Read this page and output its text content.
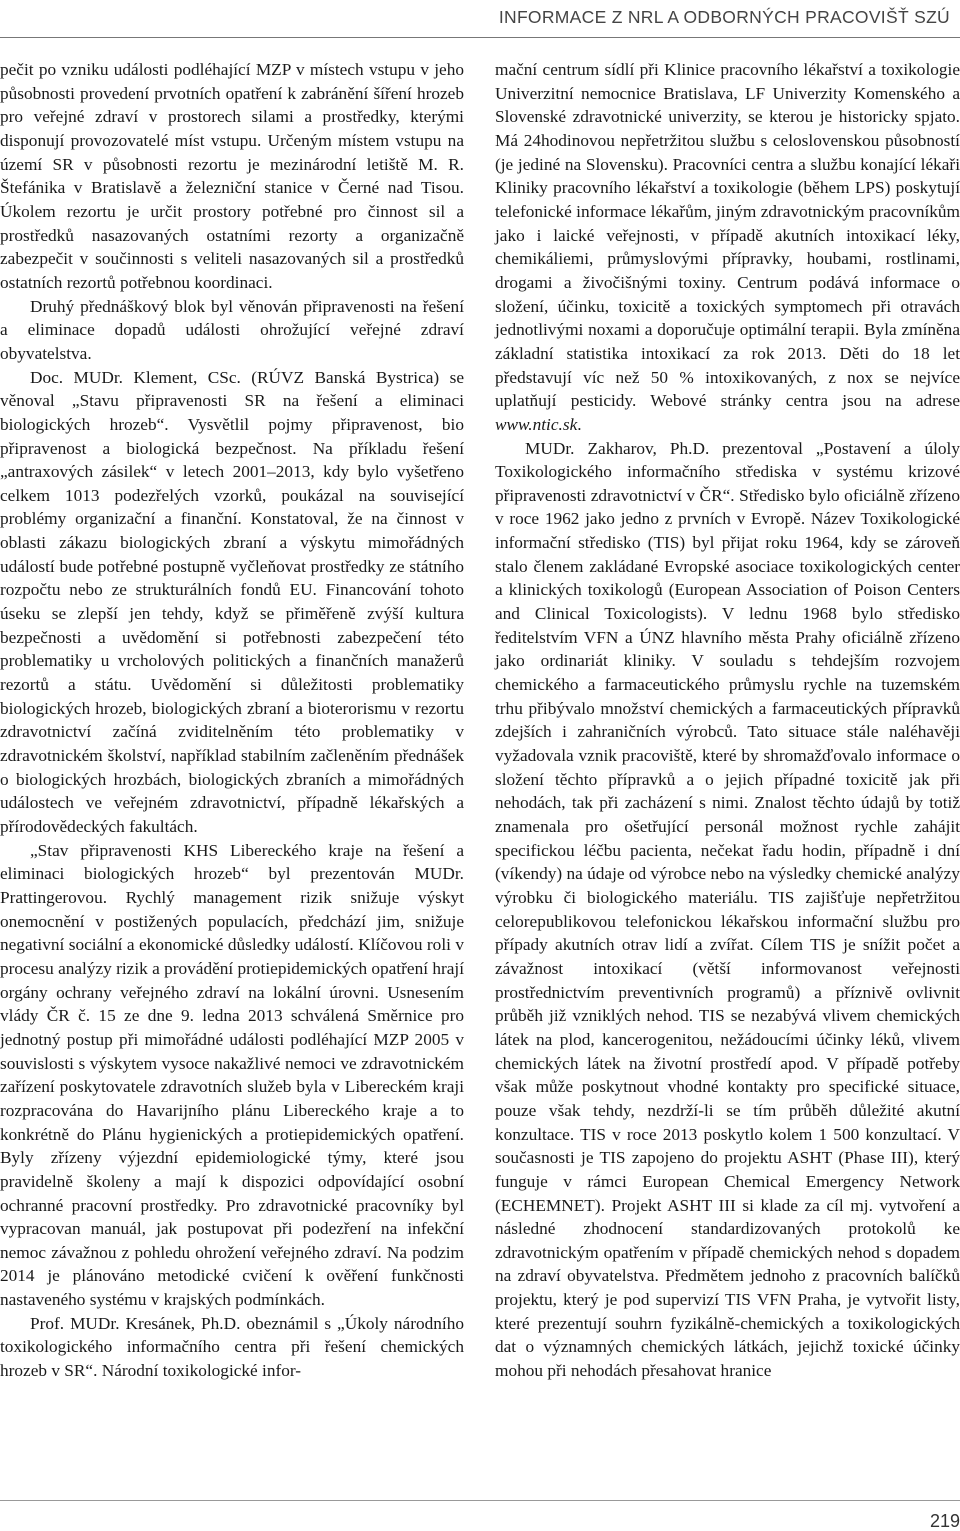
INFORMACE Z NRL A ODBORNÝCH PRACOVIŠŤ SZÚ

pečit po vzniku události podléhající MZP v místech vstupu v jeho působnosti provedení prvotních opatření k zabránění šíření hrozeb pro veřejné zdraví v prostorech silami a prostředky, kterými disponují provozovatelé míst vstupu. Určeným místem vstupu na území SR v působnosti rezortu je mezinárodní letiště M. R. Štefánika v Bratislavě a železniční stanice v Černé nad Tisou. Úkolem rezortu je určit prostory potřebné pro činnost sil a prostředků nasazovaných ostatními rezorty a organizačně zabezpečit v součinnosti s veliteli nasazovaných sil a prostředků ostatních rezortů potřebnou koordinaci.

Druhý přednáškový blok byl věnován připravenosti na řešení a eliminace dopadů události ohrožující veřejné zdraví obyvatelstva.

Doc. MUDr. Klement, CSc. (RÚVZ Banská Bystrica) se věnoval „Stavu připravenosti SR na řešení a eliminaci biologických hrozeb“. Vysvětlil pojmy připravenost, bio připravenost a biologická bezpečnost. Na příkladu řešení „antraxových zásilek“ v letech 2001–2013, kdy bylo vyšetřeno celkem 1013 podezřelých vzorků, poukázal na související problémy organizační a finanční. Konstatoval, že na činnost v oblasti zákazu biologických zbraní a výskytu mimořádných událostí bude potřebné postupně vyčleňovat prostředky ze státního rozpočtu nebo ze strukturálních fondů EU. Financování tohoto úseku se zlepší jen tehdy, když se přiměřeně zvýší kultura bezpečnosti a uvědomění si potřebnosti zabezpečení této problematiky u vrcholových politických a finančních manažerů rezortů a státu. Uvědomění si důležitosti problematiky biologických hrozeb, biologických zbraní a bioterorismu v rezortu zdravotnictví začíná zviditelněním této problematiky v zdravotnickém školství, například stabilním začleněním přednášek o biologických hrozbách, biologických zbraních a mimořádných událostech ve veřejném zdravotnictví, případně lékařských a přírodovědeckých fakultách.

„Stav připravenosti KHS Libereckého kraje na řešení a eliminaci biologických hrozeb“ byl prezentován MUDr. Prattingerovou. Rychlý management rizik snižuje výskyt onemocnění v postižených populacích, předchází jim, snižuje negativní sociální a ekonomické důsledky událostí. Klíčovou roli v procesu analýzy rizik a provádění protiepidemických opatření hrají orgány ochrany veřejného zdraví na lokální úrovni. Usnesením vlády ČR č. 15 ze dne 9. ledna 2013 schválená Směrnice pro jednotný postup při mimořádné události podléhající MZP 2005 v souvislosti s výskytem vysoce nakažlivé nemoci ve zdravotnickém zařízení poskytovatele zdravotních služeb byla v Libereckém kraji rozpracována do Havarijního plánu Libereckého kraje a to konkrétně do Plánu hygienických a protiepidemických opatření. Byly zřízeny výjezdní epidemiologické týmy, které jsou pravidelně školeny a mají k dispozici odpovídající osobní ochranné pracovní prostředky. Pro zdravotnické pracovníky byl vypracovan manuál, jak postupovat při podezření na infekční nemoc závažnou z pohledu ohrožení veřejného zdraví. Na podzim 2014 je plánováno metodické cvičení k ověření funkčnosti nastaveného systému v krajských podmínkách.

Prof. MUDr. Kresánek, Ph.D. obeznámil s „Úkoly národního toxikologického informačního centra při řešení chemických hrozeb v SR“. Národní toxikologické infor-

mační centrum sídlí při Klinice pracovního lékařství a toxikologie Univerzitní nemocnice Bratislava, LF Univerzity Komenského a Slovenské zdravotnické univerzity, se kterou je historicky spjato. Má 24hodinovou nepřetržitou službu s celoslovenskou působností (je jediné na Slovensku). Pracovníci centra a službu konající lékaři Kliniky pracovního lékařství a toxikologie (během LPS) poskytují telefonické informace lékařům, jiným zdravotnickým pracovníkům jako i laické veřejnosti, v případě akutních intoxikací léky, chemikáliemi, průmyslovými přípravky, houbami, rostlinami, drogami a živočišnými toxiny. Centrum podává informace o složení, účinku, toxicitě a toxických symptomech při otravách jednotlivými noxami a doporučuje optimální terapii. Byla zmíněna základní statistika intoxikací za rok 2013. Děti do 18 let představují víc než 50 % intoxikovaných, z nox se nejvíce uplatňují pesticidy. Webové stránky centra jsou na adrese www.ntic.sk.

MUDr. Zakharov, Ph.D. prezentoval „Postavení a úloly Toxikologického informačního střediska v systému krizové připravenosti zdravotnictví v ČR“. Středisko bylo oficiálně zřízeno v roce 1962 jako jedno z prvních v Evropě. Název Toxikologické informační středisko (TIS) byl přijat roku 1964, kdy se zároveň stalo členem zakládané Evropské asociace toxikologických center a klinických toxikologů (European Association of Poison Centers and Clinical Toxicologists). V lednu 1968 bylo středisko ředitelstvím VFN a ÚNZ hlavního města Prahy oficiálně zřízeno jako ordinariát kliniky. V souladu s tehdejším rozvojem chemického a farmaceutického průmyslu rychle na tuzemském trhu přibývalo množství chemických a farmaceutických přípravků zdejších i zahraničních výrobců. Tato situace stále naléhavěji vyžadovala vznik pracoviště, které by shromažďovalo informace o složení těchto přípravků a o jejich případné toxicitě jak při nehodách, tak při zacházení s nimi. Znalost těchto údajů by totiž znamenala pro ošetřující personál možnost rychle zahájit specifickou léčbu pacienta, nečekat řadu hodin, případně i dní (víkendy) na údaje od výrobce nebo na výsledky chemické analýzy výrobku či biologického materiálu. TIS zajišťuje nepřetržitou celorepublikovou telefonickou lékařskou informační službu pro případy akutních otrav lidí a zvířat. Cílem TIS je snížit počet a závažnost intoxikací (větší informovanost veřejnosti prostřednictvím preventivních programů) a příznivě ovlivnit průběh již vzniklých nehod. TIS se nezabývá vlivem chemických látek na plod, kancerogenitou, nežádoucími účinky léků, vlivem chemických látek na životní prostředí apod. V případě potřeby však může poskytnout vhodné kontakty pro specifické situace, pouze však tehdy, nezdrží-li se tím průběh důležité akutní konzultace. TIS v roce 2013 poskytlo kolem 1 500 konzultací. V současnosti je TIS zapojeno do projektu ASHT (Phase III), který funguje v rámci European Chemical Emergency Network (ECHEMNET). Projekt ASHT III si klade za cíl mj. vytvoření a následné zhodnocení standardizovaných protokolů ke zdravotnickým opatřením v případě chemických nehod s dopadem na zdraví obyvatelstva. Předmětem jednoho z pracovních balíčků projektu, který je pod supervizí TIS VFN Praha, je vytvořit listy, které prezentují souhrn fyzikálně-chemických a toxikologických dat o významných chemických látkách, jejichž toxické účinky mohou při nehodách přesahovat hranice

219
